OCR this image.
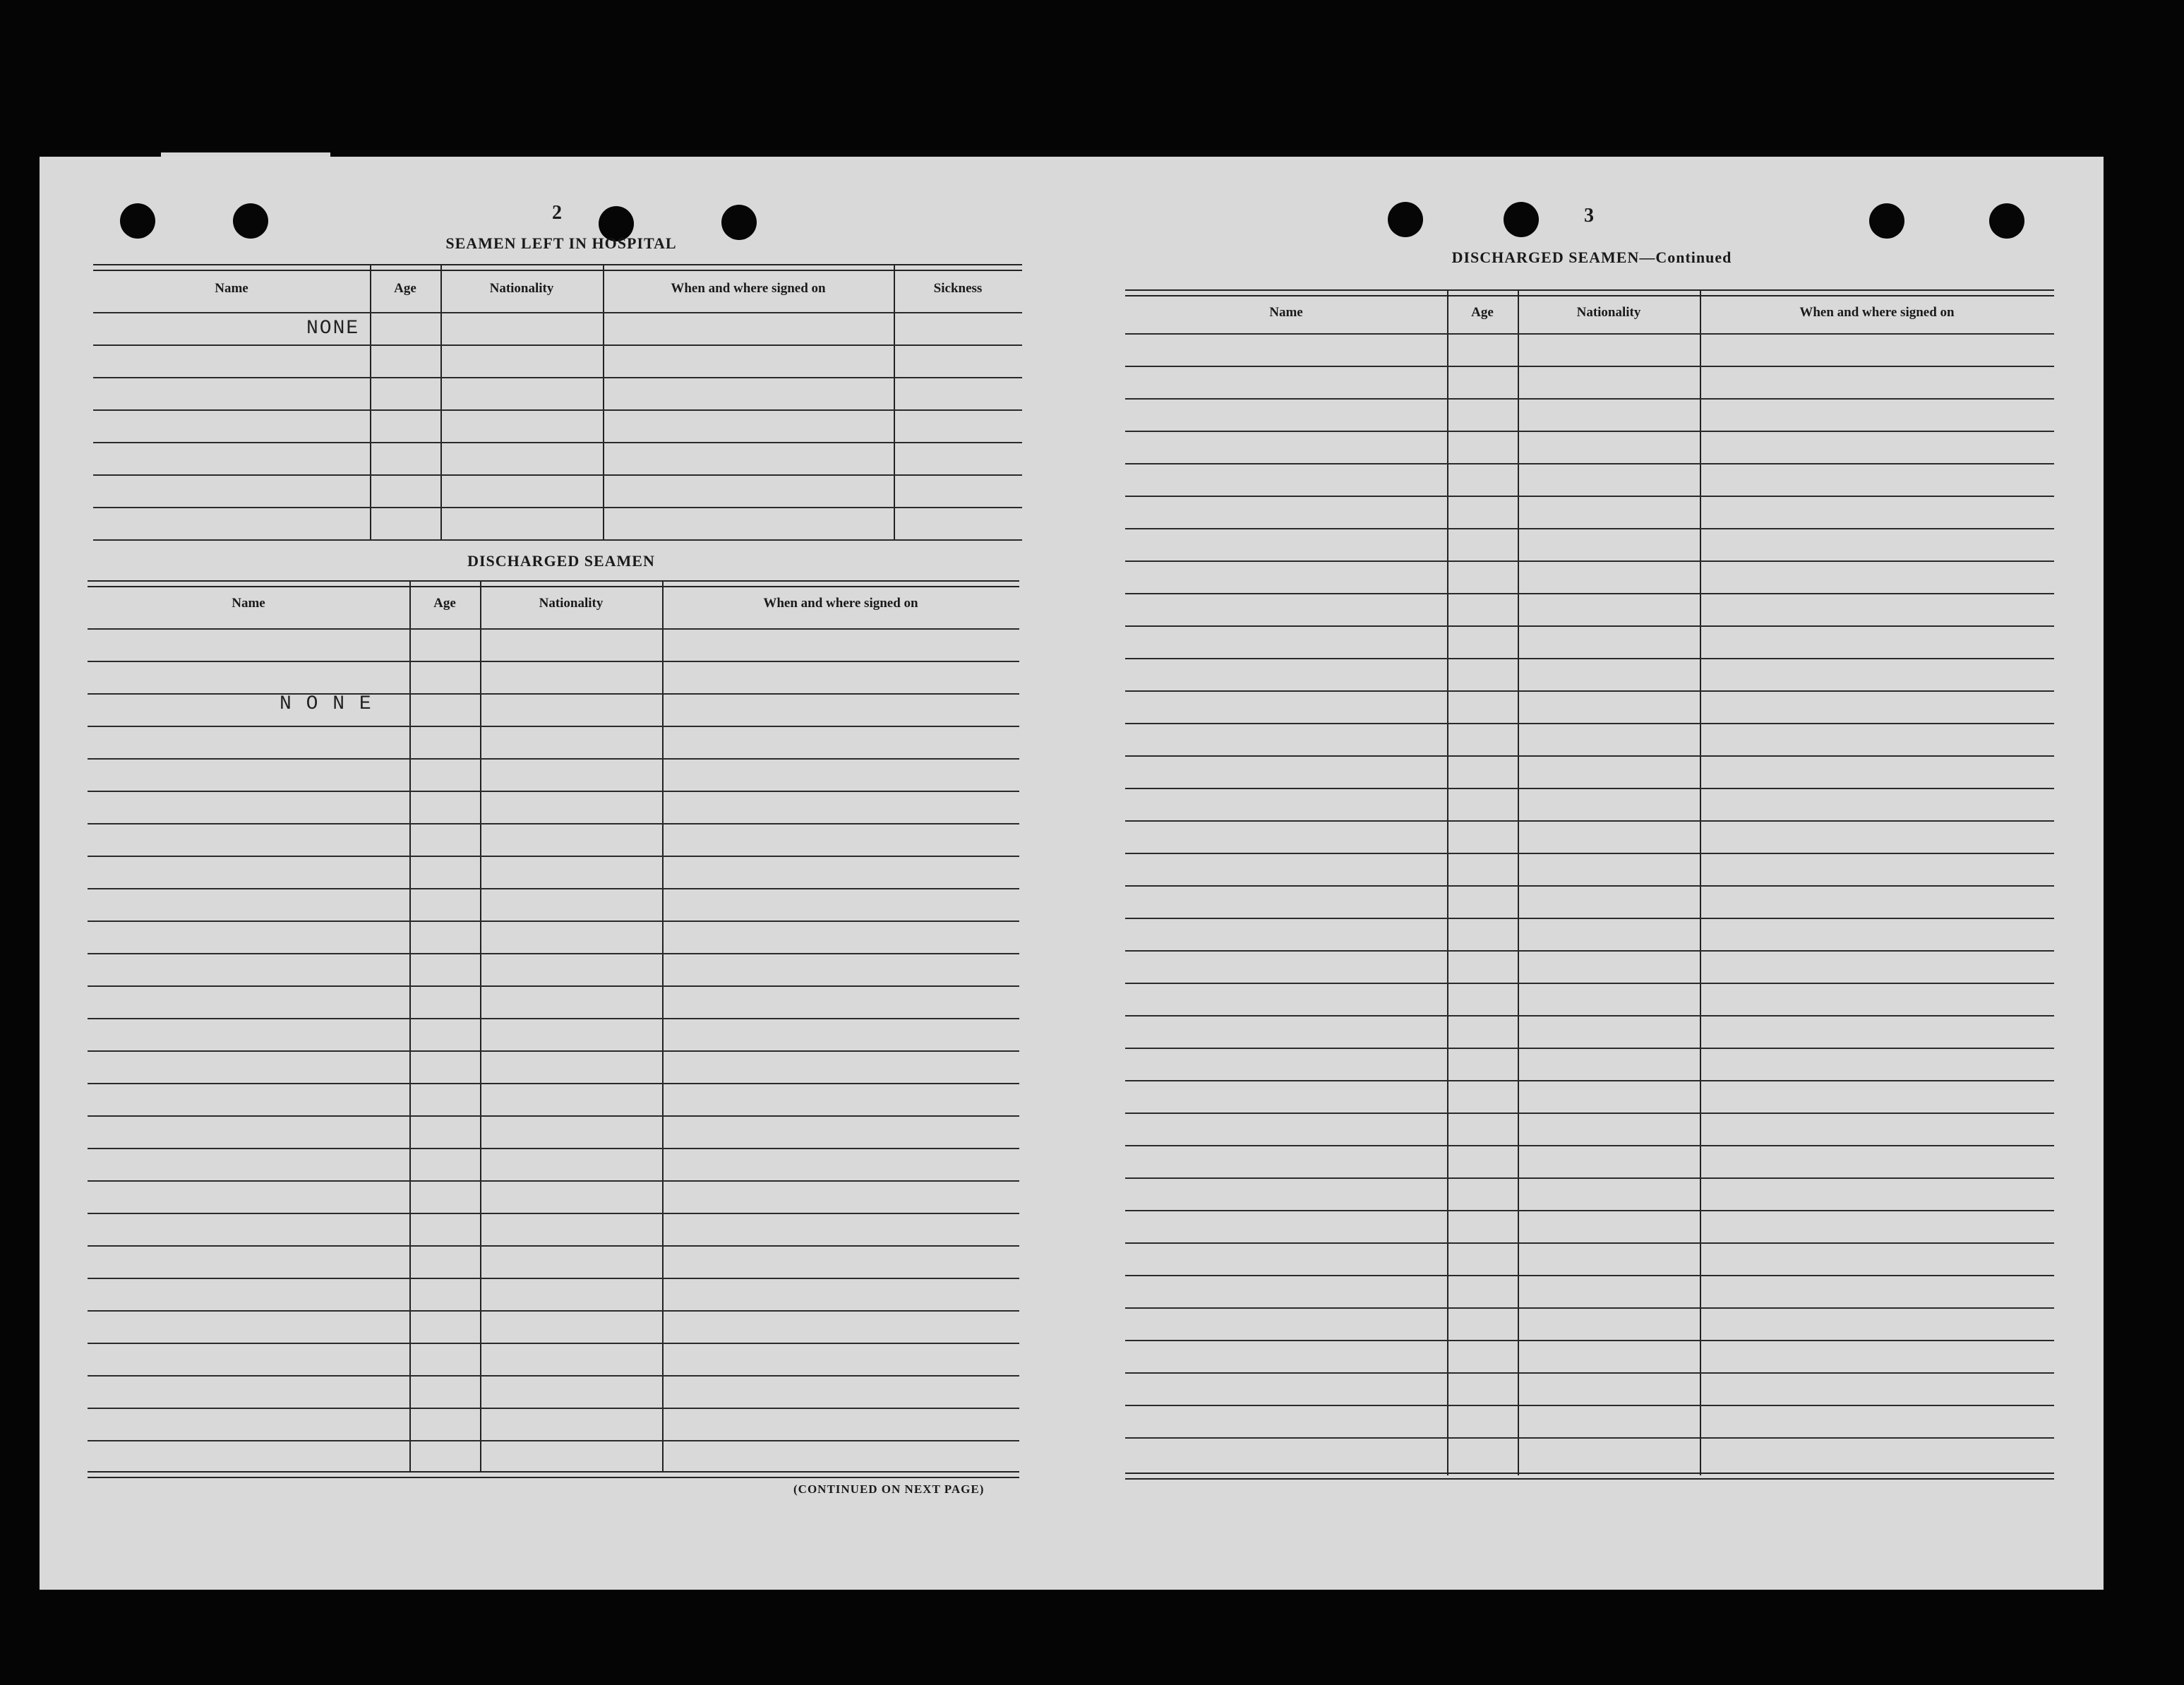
2
SEAMEN LEFT IN HOSPITAL
Name	Age	Nationality	When and where signed on	Sickness
NONE
DISCHARGED SEAMEN
Name	Age	Nationality	When and where signed on
N O N E
(CONTINUED ON NEXT PAGE)
3
DISCHARGED SEAMEN—Continued
Name	Age	Nationality	When and where signed on
